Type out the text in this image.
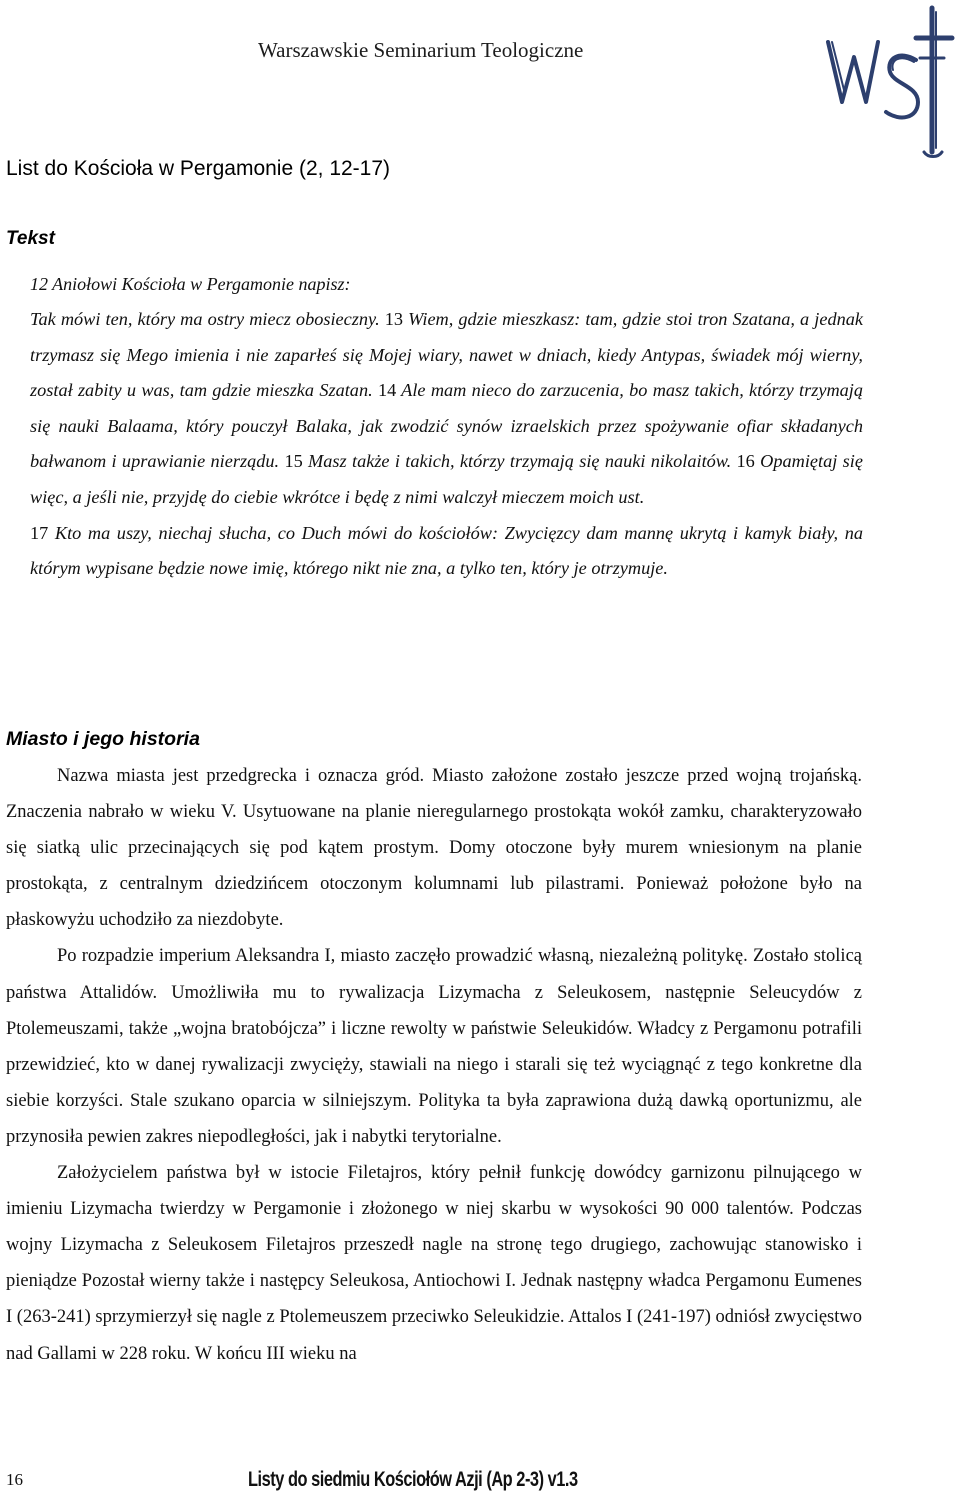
Warszawskie Seminarium Teologiczne
List do Kościoła w Pergamonie (2, 12-17)
Tekst
12 Aniołowi Kościoła w Pergamonie napisz:

Tak mówi ten, który ma ostry miecz obosieczny. 13 Wiem, gdzie mieszkasz: tam, gdzie stoi tron Szatana, a jednak trzymasz się Mego imienia i nie zaparłeś się Mojej wiary, nawet w dniach, kiedy Antypas, świadek mój wierny, został zabity u was, tam gdzie mieszka Szatan. 14 Ale mam nieco do zarzucenia, bo masz takich, którzy trzymają się nauki Balaama, który pouczył Balaka, jak zwodzić synów izraelskich przez spożywanie ofiar składanych bałwanom i uprawianie nierządu. 15 Masz także i takich, którzy trzymają się nauki nikolaitów. 16 Opamiętaj się więc, a jeśli nie, przyjdę do ciebie wkrótce i będę z nimi walczył mieczem moich ust.

17 Kto ma uszy, niechaj słucha, co Duch mówi do kościołów: Zwycięzcy dam mannę ukrytą i kamyk biały, na którym wypisane będzie nowe imię, którego nikt nie zna, a tylko ten, który je otrzymuje.

Miasto i jego historia

Nazwa miasta jest przedgrecka i oznacza gród. Miasto założone zostało jeszcze przed wojną trojańską. Znaczenia nabrało w wieku V. Usytuowane na planie nieregularnego prostokąta wokół zamku, charakteryzowało się siatką ulic przecinających się pod kątem prostym. Domy otoczone były murem wniesionym na planie prostokąta, z centralnym dziedzińcem otoczonym kolumnami lub pilastrami. Ponieważ położone było na płaskowyżu uchodziło za niezdobyte.

Po rozpadzie imperium Aleksandra I, miasto zaczęło prowadzić własną, niezależną politykę. Zostało stolicą państwa Attalidów. Umożliwiła mu to rywalizacja Lizymacha z Seleukosem, następnie Seleucydów z Ptolemeuszami, także „wojna bratobójcza” i liczne rewolty w państwie Seleukidów. Władcy z Pergamonu potrafili przewidzieć, kto w danej rywalizacji zwycięży, stawiali na niego i starali się też wyciągnąć z tego konkretne dla siebie korzyści. Stale szukano oparcia w silniejszym. Polityka ta była zaprawiona dużą dawką oportunizmu, ale przynosiła pewien zakres niepodległości, jak i nabytki terytorialne.

Założycielem państwa był w istocie Filetajros, który pełnił funkcję dowódcy garnizonu pilnującego w imieniu Lizymacha twierdzy w Pergamonie i złożonego w niej skarbu w wysokości 90 000 talentów. Podczas wojny Lizymacha z Seleukosem Filetajros przeszedł nagle na stronę tego drugiego, zachowując stanowisko i pieniądze Pozostał wierny także i następcy Seleukosa, Antiochowi I. Jednak następny władca Pergamonu Eumenes I (263-241) sprzymierzył się nagle z Ptolemeuszem przeciwko Seleukidzie. Attalos I (241-197) odniósł zwycięstwo nad Gallami w 228 roku. W końcu III wieku na

16	Listy do siedmiu Kościołów Azji (Ap 2-3) v1.3
